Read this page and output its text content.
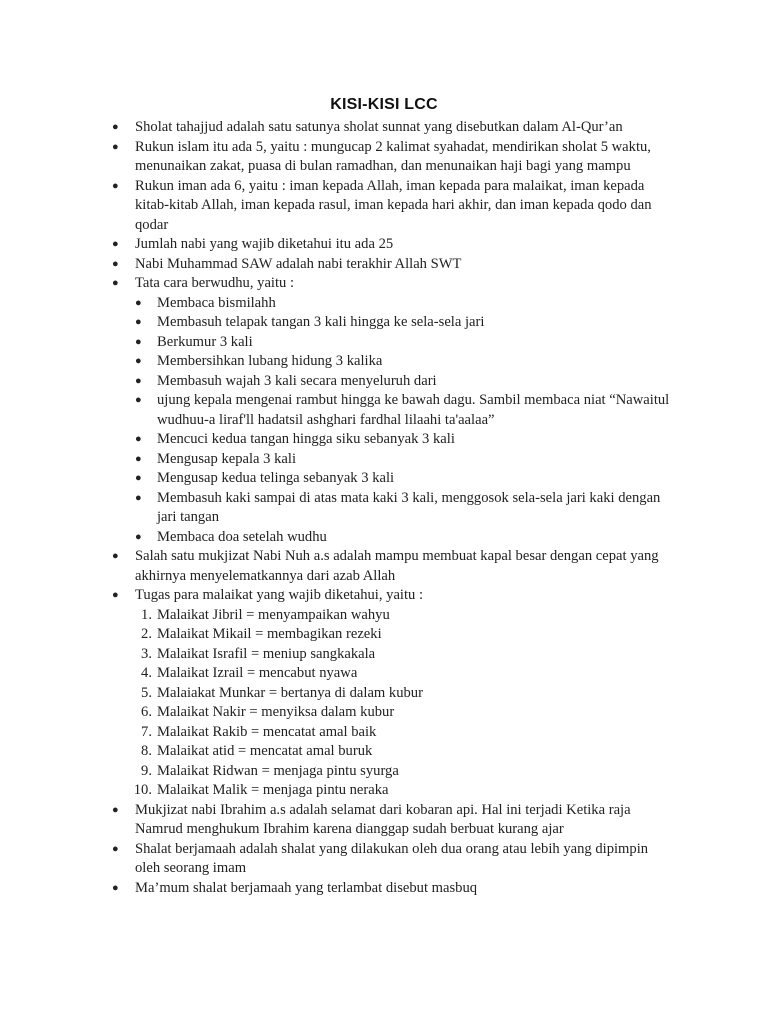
KISI-KISI LCC
● Sholat tahajjud adalah satu satunya sholat sunnat yang disebutkan dalam Al-Qur’an
● Rukun islam itu ada 5, yaitu : mungucap 2 kalimat syahadat, mendirikan sholat 5 waktu, menunaikan zakat, puasa di bulan ramadhan, dan menunaikan haji bagi yang mampu
● Rukun iman ada 6, yaitu : iman kepada Allah, iman kepada para malaikat, iman kepada kitab-kitab Allah, iman kepada rasul, iman kepada hari akhir, dan iman kepada qodo dan qodar
● Jumlah nabi yang wajib diketahui itu ada 25
● Nabi Muhammad SAW adalah nabi terakhir Allah SWT
● Tata cara berwudhu, yaitu :
● Membaca bismilahh
● Membasuh telapak tangan 3 kali hingga ke sela-sela jari
● Berkumur 3 kali
● Membersihkan lubang hidung 3 kalika
● Membasuh wajah 3 kali secara menyeluruh dari
● ujung kepala mengenai rambut hingga ke bawah dagu. Sambil membaca niat “Nawaitul wudhuu-a liraf'll hadatsil ashghari fardhal lilaahi ta'aalaa”
● Mencuci kedua tangan hingga siku sebanyak 3 kali
● Mengusap kepala 3 kali
● Mengusap kedua telinga sebanyak 3 kali
● Membasuh kaki sampai di atas mata kaki 3 kali, menggosok sela-sela jari kaki dengan jari tangan
● Membaca doa setelah wudhu
● Salah satu mukjizat Nabi Nuh a.s adalah mampu membuat kapal besar dengan cepat yang akhirnya menyelematkannya dari azab Allah
● Tugas para malaikat yang wajib diketahui, yaitu :
1. Malaikat Jibril = menyampaikan wahyu
2. Malaikat Mikail = membagikan rezeki
3. Malaikat Israfil = meniup sangkakala
4. Malaikat Izrail = mencabut nyawa
5. Malaiakat Munkar = bertanya di dalam kubur
6. Malaikat Nakir = menyiksa dalam kubur
7. Malaikat Rakib = mencatat amal baik
8. Malaikat atid = mencatat amal buruk
9. Malaikat Ridwan = menjaga pintu syurga
10. Malaikat Malik = menjaga pintu neraka
● Mukjizat nabi Ibrahim a.s adalah selamat dari kobaran api. Hal ini terjadi Ketika raja Namrud menghukum Ibrahim karena dianggap sudah berbuat kurang ajar
● Shalat berjamaah adalah shalat yang dilakukan oleh dua orang atau lebih yang dipimpin oleh seorang imam
● Ma’mum shalat berjamaah yang terlambat disebut masbuq
